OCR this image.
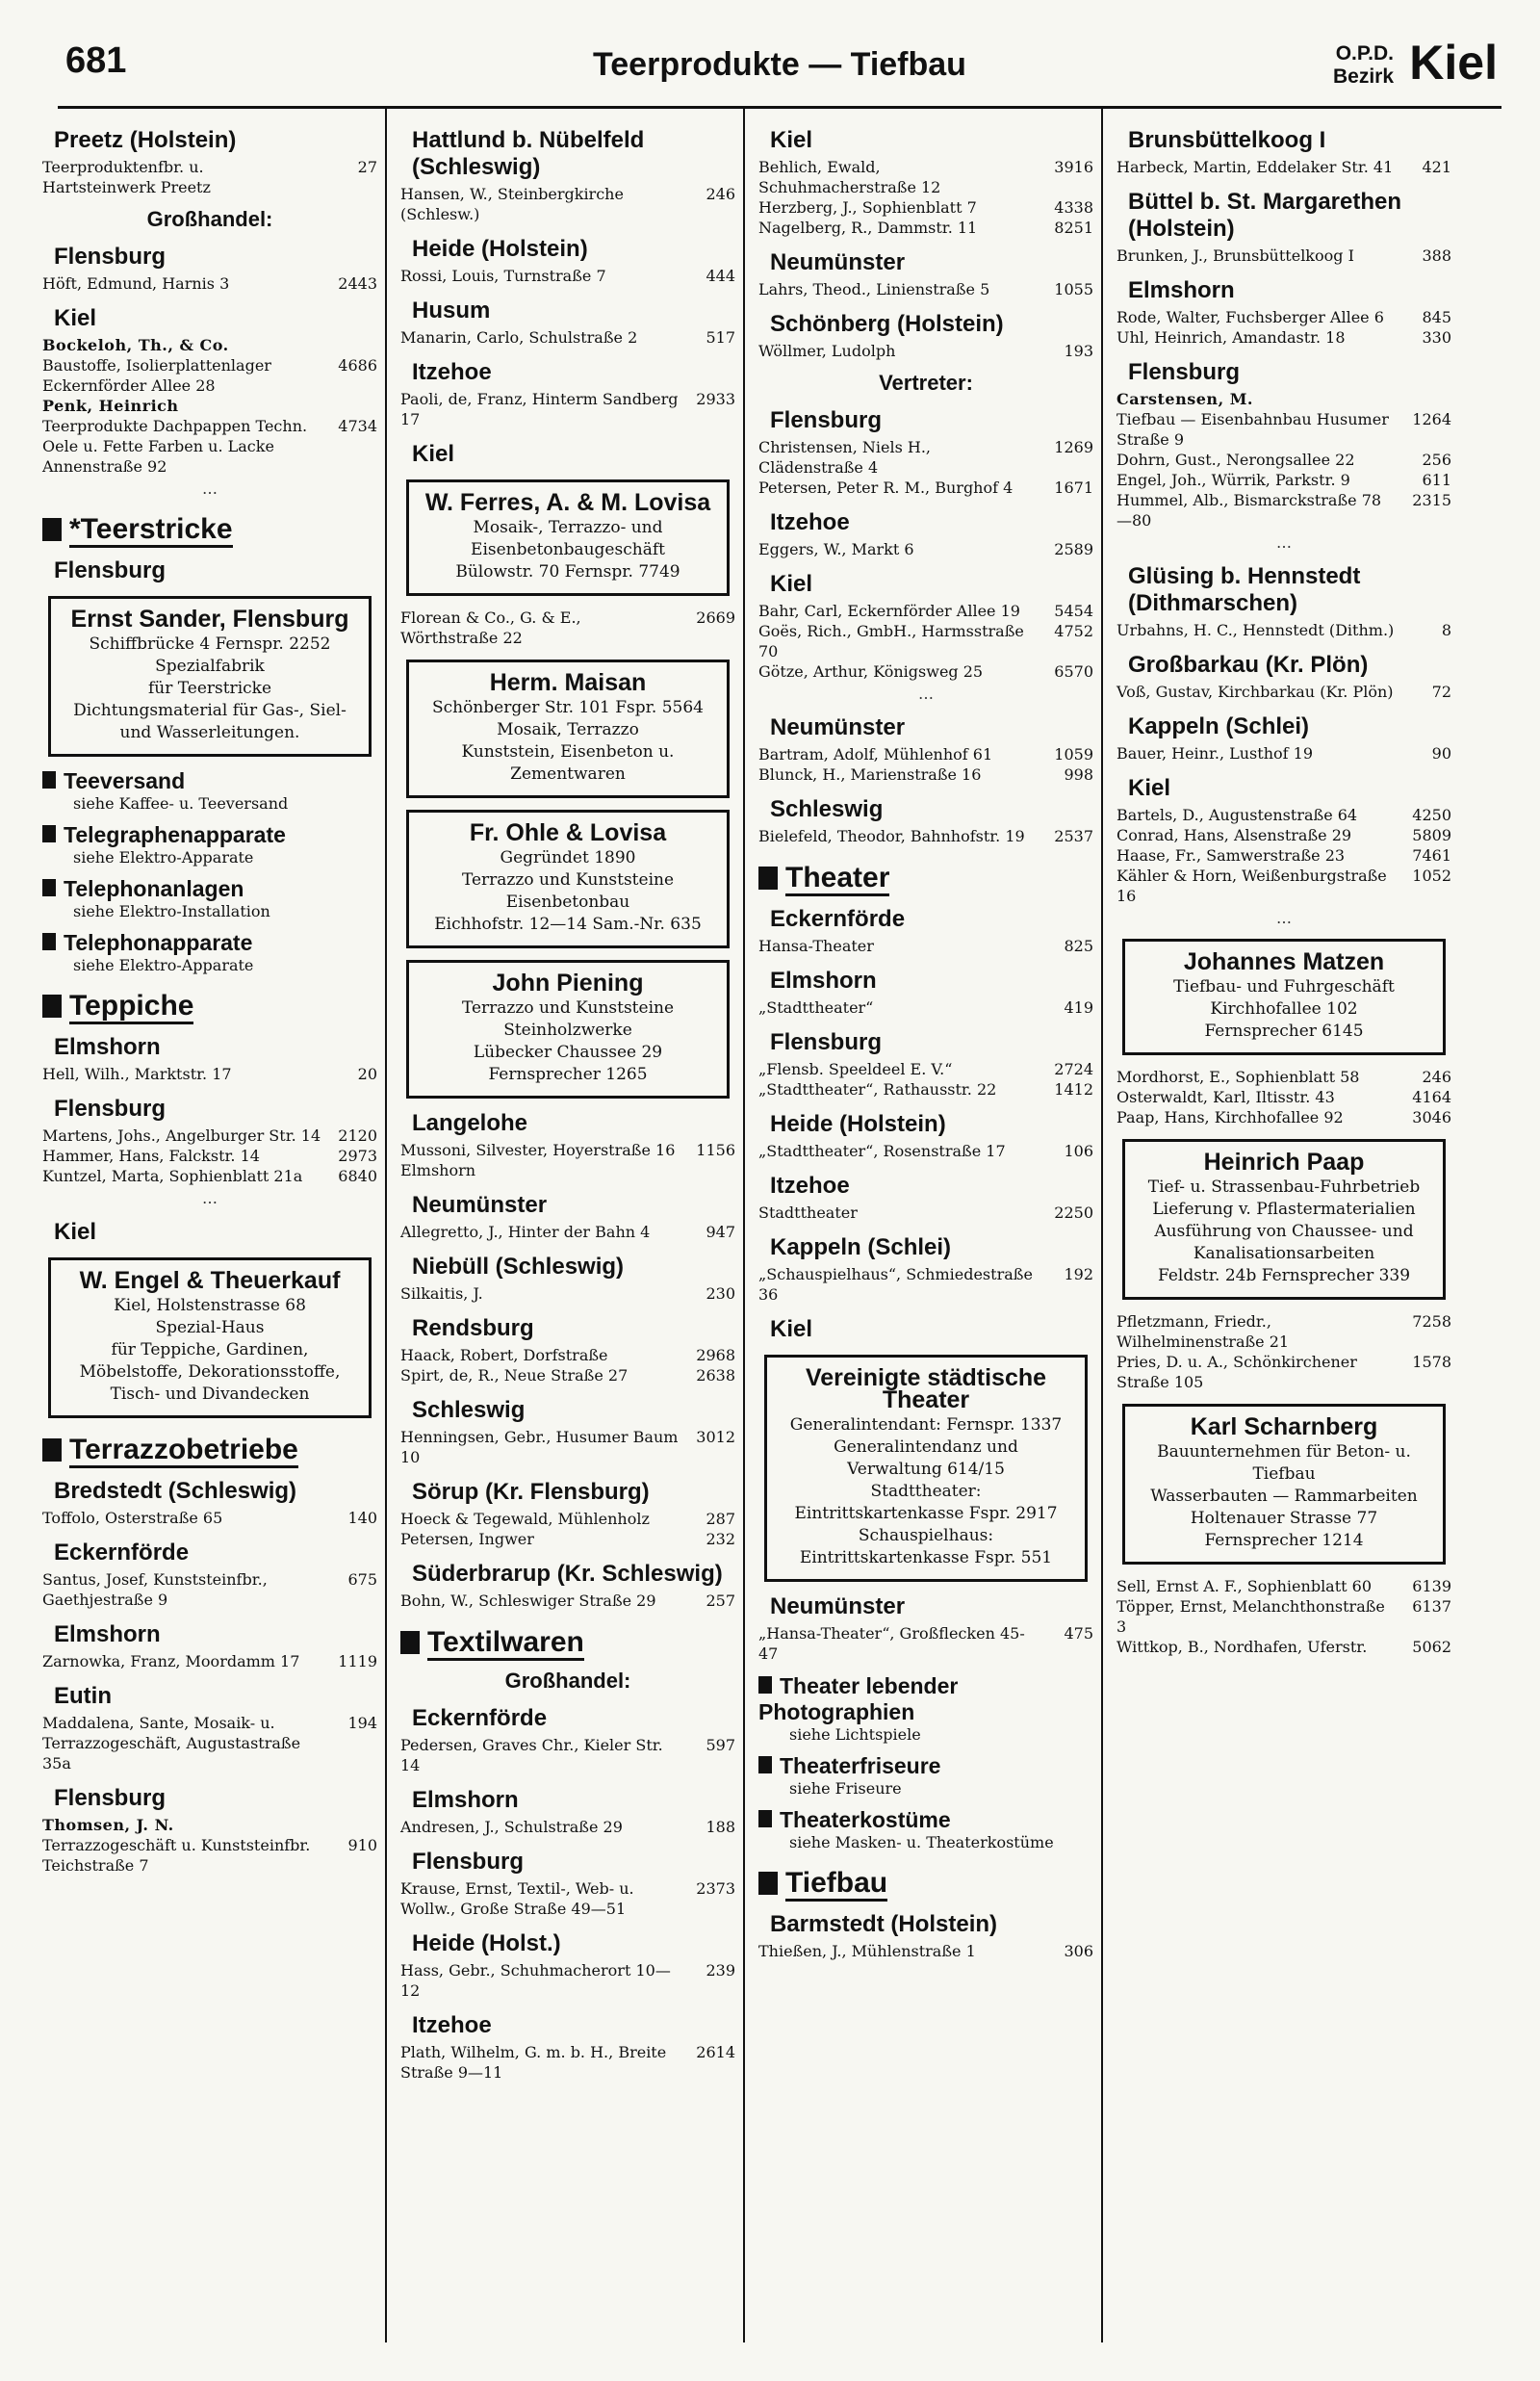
681	Teerprodukte — Tiefbau	O.P.D.
Bezirk Kiel
Preetz (Holstein)
Teerproduktenfbr. u. Hartsteinwerk Preetz
27
Großhandel:
Flensburg
Höft, Edmund, Harnis 3	2443
Kiel
Bockeloh, Th., & Co.
Baustoffe, Isolierplattenlager Eckernförder Allee 28
4686
Penk, Heinrich
Teerprodukte Dachpappen Techn. Oele u. Fette Farben u. Lacke Annenstraße 92
4734
…
*Teerstricke
Flensburg
Ernst Sander, Flensburg
Schiffbrücke 4 Fernspr. 2252
Spezialfabrik
für Teerstricke
Dichtungsmaterial für Gas-, Siel- und Wasserleitungen.
Teeversand
siehe Kaffee- u. Teeversand
Telegraphenapparate
siehe Elektro-Apparate
Telephonanlagen
siehe Elektro-Installation
Telephonapparate
siehe Elektro-Apparate
Teppiche
Elmshorn
Hell, Wilh., Marktstr. 17	20
Flensburg
Martens, Johs., Angelburger Str. 14	2120
Hammer, Hans, Falckstr. 14	2973
Kuntzel, Marta, Sophienblatt 21a	6840
…
Kiel
W. Engel & Theuerkauf
Kiel, Holstenstrasse 68
Spezial-Haus
für Teppiche, Gardinen, Möbelstoffe, Dekorationsstoffe, Tisch- und Divandecken
Terrazzobetriebe
Bredstedt (Schleswig)
Toffolo, Osterstraße 65	140
Eckernförde
Santus, Josef, Kunststeinfbr., Gaethjestraße 9
675
Elmshorn
Zarnowka, Franz, Moordamm 17	1119
Eutin
Maddalena, Sante, Mosaik- u. Terrazzogeschäft, Augustastraße 35a
194
Flensburg
Thomsen, J. N.
Terrazzogeschäft u. Kunststeinfbr. Teichstraße 7
910
Hattlund b. Nübelfeld (Schleswig)
Hansen, W., Steinbergkirche (Schlesw.)
246
Heide (Holstein)
Rossi, Louis, Turnstraße 7	444
Husum
Manarin, Carlo, Schulstraße 2	517
Itzehoe
Paoli, de, Franz, Hinterm Sandberg 17
2933
Kiel
W. Ferres, A. & M. Lovisa
Mosaik-, Terrazzo- und
Eisenbetonbaugeschäft
Bülowstr. 70 Fernspr. 7749
Florean & Co., G. & E., Wörthstraße 22
2669
Herm. Maisan
Schönberger Str. 101 Fspr. 5564
Mosaik, Terrazzo
Kunststein, Eisenbeton u.
Zementwaren
Fr. Ohle & Lovisa
Gegründet 1890
Terrazzo und Kunststeine
Eisenbetonbau
Eichhofstr. 12—14 Sam.-Nr. 635
John Piening
Terrazzo und Kunststeine
Steinholzwerke
Lübecker Chaussee 29
Fernsprecher 1265
Langelohe
Mussoni, Silvester, Hoyerstraße 16 Elmshorn
1156
Neumünster
Allegretto, J., Hinter der Bahn 4	947
Niebüll (Schleswig)
Silkaitis, J.	230
Rendsburg
Haack, Robert, Dorfstraße	2968
Spirt, de, R., Neue Straße 27	2638
Schleswig
Henningsen, Gebr., Husumer Baum 10
3012
Sörup (Kr. Flensburg)
Hoeck & Tegewald, Mühlenholz	287
Petersen, Ingwer	232
Süderbrarup (Kr. Schleswig)
Bohn, W., Schleswiger Straße 29	257
Textilwaren
Großhandel:
Eckernförde
Pedersen, Graves Chr., Kieler Str. 14
597
Elmshorn
Andresen, J., Schulstraße 29	188
Flensburg
Krause, Ernst, Textil-, Web- u. Wollw., Große Straße 49—51
2373
Heide (Holst.)
Hass, Gebr., Schuhmacherort 10—12
239
Itzehoe
Plath, Wilhelm, G. m. b. H., Breite Straße 9—11
2614
Kiel
Behlich, Ewald, Schuhmacherstraße 12
3916
Herzberg, J., Sophienblatt 7	4338
Nagelberg, R., Dammstr. 11	8251
Neumünster
Lahrs, Theod., Linienstraße 5	1055
Schönberg (Holstein)
Wöllmer, Ludolph	193
Vertreter:
Flensburg
Christensen, Niels H., Clädenstraße 4
1269
Petersen, Peter R. M., Burghof 4	1671
Itzehoe
Eggers, W., Markt 6	2589
Kiel
Bahr, Carl, Eckernförder Allee 19	5454
Goës, Rich., GmbH., Harmsstraße 70
4752
Götze, Arthur, Königsweg 25	6570
…
Neumünster
Bartram, Adolf, Mühlenhof 61	1059
Blunck, H., Marienstraße 16	998
Schleswig
Bielefeld, Theodor, Bahnhofstr. 19	2537
Theater
Eckernförde
Hansa-Theater	825
Elmshorn
„Stadttheater“	419
Flensburg
„Flensb. Speeldeel E. V.“	2724
„Stadttheater“, Rathausstr. 22	1412
Heide (Holstein)
„Stadttheater“, Rosenstraße 17	106
Itzehoe
Stadttheater	2250
Kappeln (Schlei)
„Schauspielhaus“, Schmiedestraße 36
192
Kiel
Vereinigte städtische Theater
Generalintendant: Fernspr. 1337
Generalintendanz und
Verwaltung 614/15
Stadttheater:
Eintrittskartenkasse Fspr. 2917
Schauspielhaus:
Eintrittskartenkasse Fspr. 551
Neumünster
„Hansa-Theater“, Großflecken 45-47
475
Theater lebender Photographien
siehe Lichtspiele
Theaterfriseure
siehe Friseure
Theaterkostüme
siehe Masken- u. Theaterkostüme
Tiefbau
Barmstedt (Holstein)
Thießen, J., Mühlenstraße 1	306
Brunsbüttelkoog I
Harbeck, Martin, Eddelaker Str. 41	421
Büttel b. St. Margarethen (Holstein)
Brunken, J., Brunsbüttelkoog I	388
Elmshorn
Rode, Walter, Fuchsberger Allee 6	845
Uhl, Heinrich, Amandastr. 18	330
Flensburg
Carstensen, M.
Tiefbau — Eisenbahnbau Husumer Straße 9
1264
Dohrn, Gust., Nerongsallee 22	256
Engel, Joh., Würrik, Parkstr. 9	611
Hummel, Alb., Bismarckstraße 78—80
2315
…
Glüsing b. Hennstedt (Dithmarschen)
Urbahns, H. C., Hennstedt (Dithm.)	8
Großbarkau (Kr. Plön)
Voß, Gustav, Kirchbarkau (Kr. Plön)	72
Kappeln (Schlei)
Bauer, Heinr., Lusthof 19	90
Kiel
Bartels, D., Augustenstraße 64	4250
Conrad, Hans, Alsenstraße 29	5809
Haase, Fr., Samwerstraße 23	7461
Kähler & Horn, Weißenburgstraße 16
1052
…
Johannes Matzen
Tiefbau- und Fuhrgeschäft
Kirchhofallee 102
Fernsprecher 6145
Mordhorst, E., Sophienblatt 58	246
Osterwaldt, Karl, Iltisstr. 43	4164
Paap, Hans, Kirchhofallee 92	3046
Heinrich Paap
Tief- u. Strassenbau-Fuhrbetrieb
Lieferung v. Pflastermaterialien
Ausführung von Chaussee- und Kanalisationsarbeiten
Feldstr. 24b Fernsprecher 339
Pfletzmann, Friedr., Wilhelminenstraße 21
7258
Pries, D. u. A., Schönkirchener Straße 105
1578
Karl Scharnberg
Bauunternehmen für Beton- u. Tiefbau
Wasserbauten — Rammarbeiten
Holtenauer Strasse 77
Fernsprecher 1214
Sell, Ernst A. F., Sophienblatt 60	6139
Töpper, Ernst, Melanchthonstraße 3
6137
Wittkop, B., Nordhafen, Uferstr.	5062
